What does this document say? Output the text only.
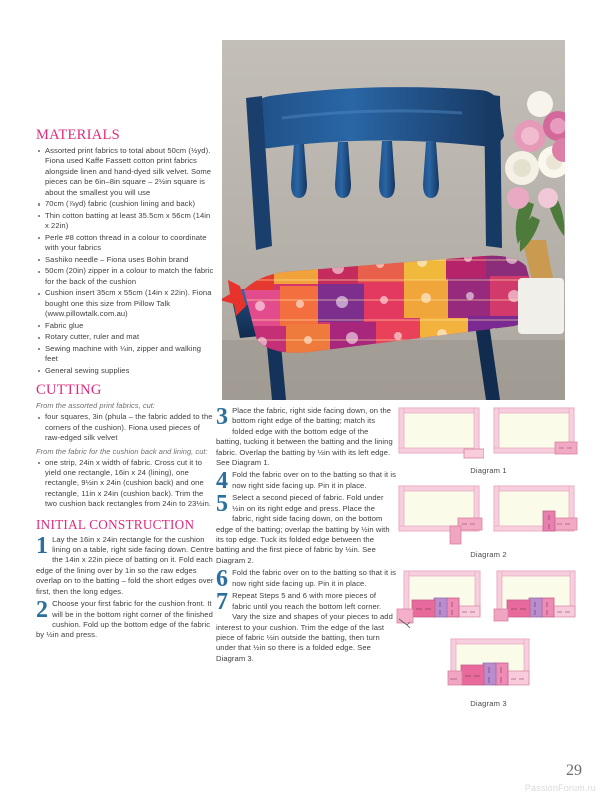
MATERIALS
Assorted print fabrics to total about 50cm (½yd). Fiona used Kaffe Fassett cotton print fabrics alongside linen and hand-dyed silk velvet. Some pieces can be 6in–8in square – 2½in square is about the smallest you will use
70cm (⅞yd) fabric (cushion lining and back)
Thin cotton batting at least 35.5cm x 56cm (14in x 22in)
Perle #8 cotton thread in a colour to coordinate with your fabrics
Sashiko needle – Fiona uses Bohin brand
50cm (20in) zipper in a colour to match the fabric for the back of the cushion
Cushion insert 35cm x 55cm (14in x 22in). Fiona bought one this size from Pillow Talk (www.pillowtalk.com.au)
Fabric glue
Rotary cutter, ruler and mat
Sewing machine with ¼in, zipper and walking feet
General sewing supplies
CUTTING
From the assorted print fabrics, cut:
four squares, 3in (phula – the fabric added to the corners of the cushion). Fiona used pieces of raw-edged silk velvet
From the fabric for the cushion back and lining, cut:
one strip, 24in x width of fabric. Cross cut it to yield one rectangle, 16in x 24 (lining), one rectangle, 9½in x 24in (cushion back) and one rectangle, 11in x 24in (cushion back). Trim the two cushion back rectangles from 24in to 23½in.
INITIAL CONSTRUCTION
1 Lay the 16in x 24in rectangle for the cushion lining on a table, right side facing down. Centre the 14in x 22in piece of batting on it. Fold each edge of the lining over by 1in so the raw edges overlap on to the batting – fold the short edges over first, then the long edges.
2 Choose your first fabric for the cushion front. It will be in the bottom right corner of the finished cushion. Fold up the bottom edge of the fabric by ½in and press.
3 Place the fabric, right side facing down, on the bottom right edge of the batting; match its folded edge with the bottom edge of the batting, tucking it between the batting and the lining fabric. Overlap the batting by ½in with its left edge. See Diagram 1.
4 Fold the fabric over on to the batting so that it is now right side facing up. Pin it in place.
5 Select a second pieced of fabric. Fold under ½in on its right edge and press. Place the fabric, right side facing down, on the bottom edge of the batting; overlap the batting by ½in with its top edge. Tuck its folded edge between the batting and the first piece of fabric by ½in. See Diagram 2.
6 Fold the fabric over on to the batting so that it is now right side facing up. Pin it in place.
7 Repeat Steps 5 and 6 with more pieces of fabric until you reach the bottom left corner. Vary the size and shapes of your pieces to add interest to your cushion. Trim the edge of the last piece of fabric ½in outside the batting, then turn under that ½in so there is a folded edge. See Diagram 3.
Diagram 1
Diagram 2
Diagram 3
29
PassionForum.ru
